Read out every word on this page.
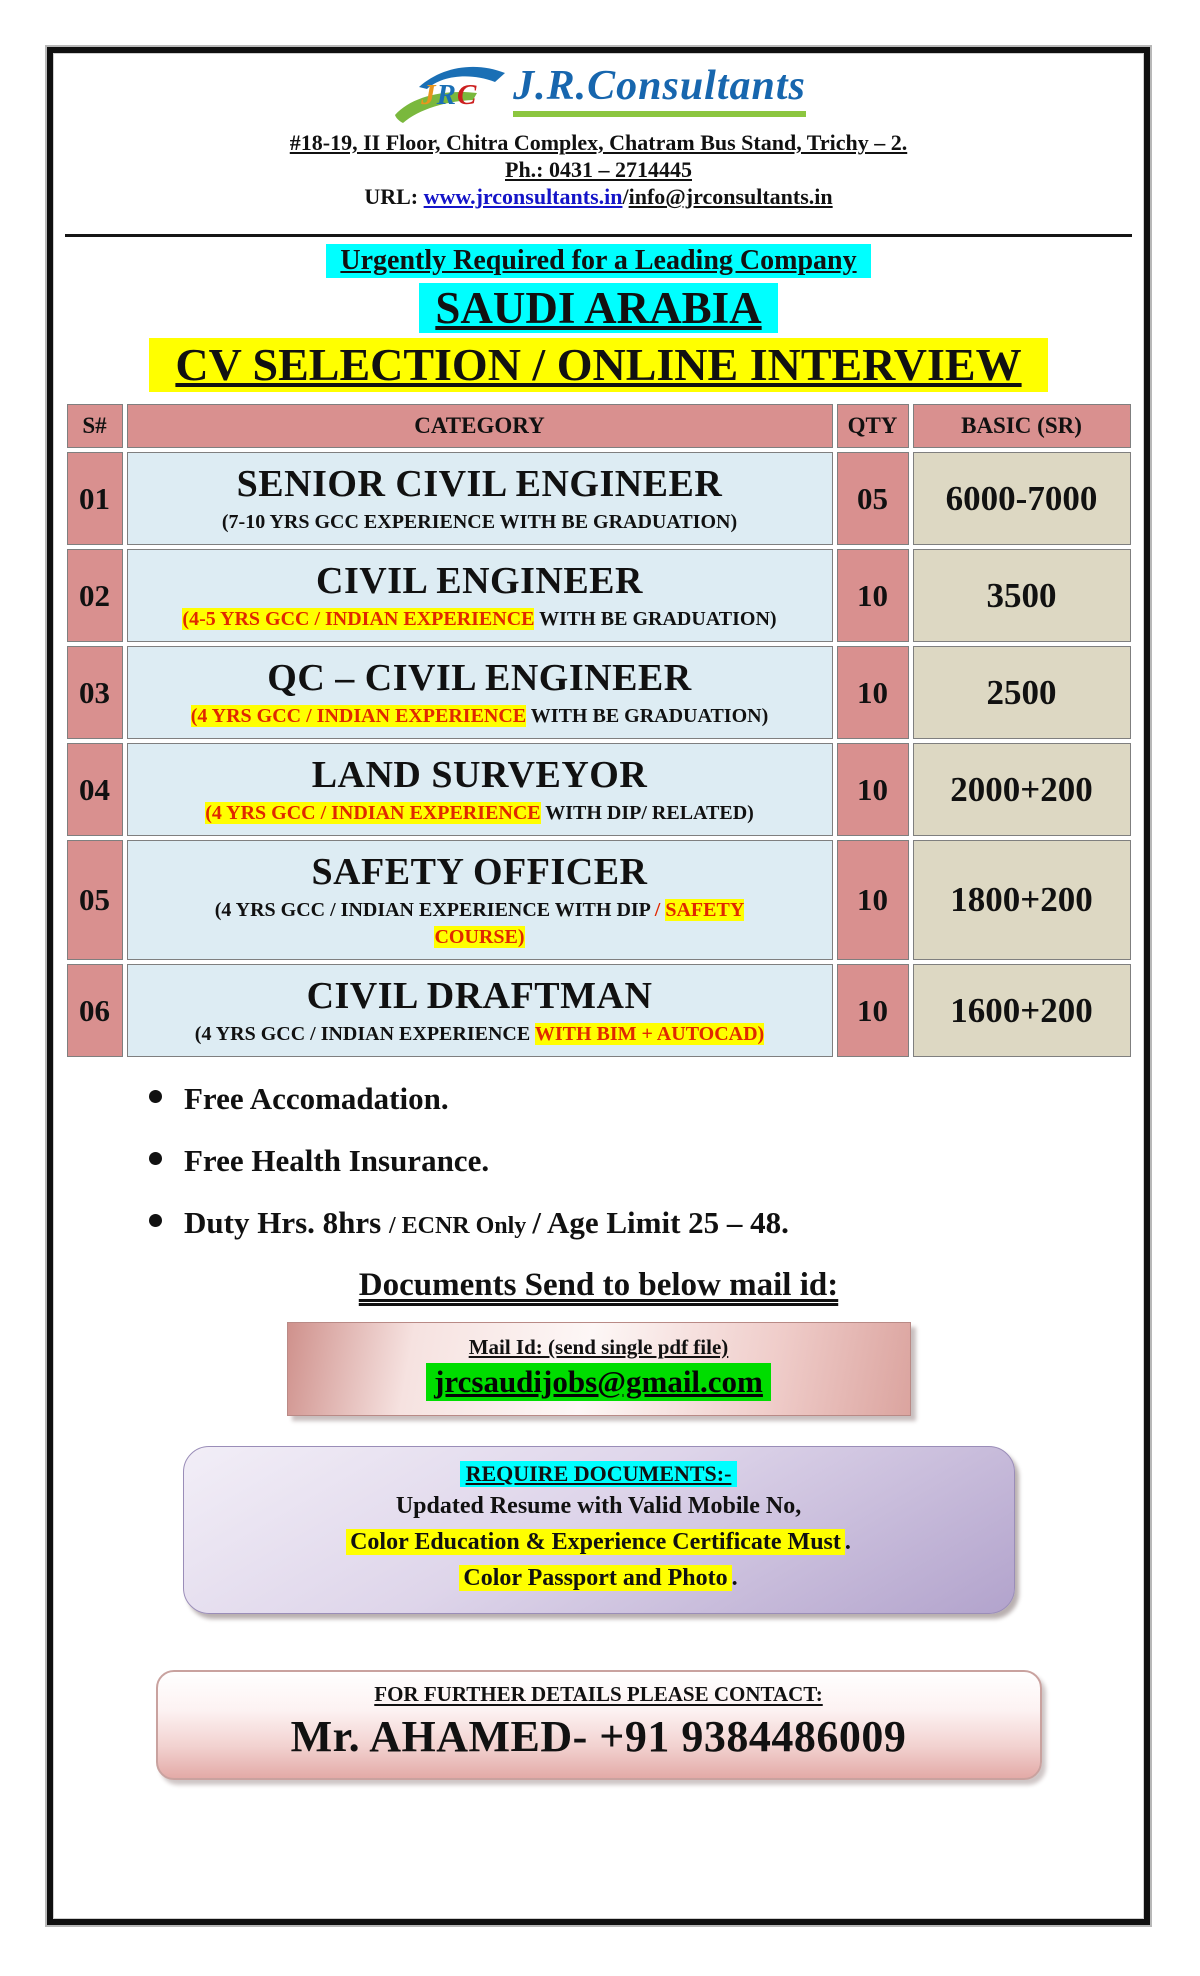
JRC J.R.Consultants
#18-19, II Floor, Chitra Complex, Chatram Bus Stand, Trichy – 2.
Ph.: 0431 – 2714445
URL: www.jrconsultants.in/info@jrconsultants.in
Urgently Required for a Leading Company
SAUDI ARABIA
CV SELECTION / ONLINE INTERVIEW
S#	CATEGORY	QTY	BASIC (SR)
01	SENIOR CIVIL ENGINEER
(7-10 YRS GCC EXPERIENCE WITH BE GRADUATION)	05	6000-7000
02	CIVIL ENGINEER
(4-5 YRS GCC / INDIAN EXPERIENCE WITH BE GRADUATION)	10	3500
03	QC – CIVIL ENGINEER
(4 YRS GCC / INDIAN EXPERIENCE WITH BE GRADUATION)	10	2500
04	LAND SURVEYOR
(4 YRS GCC / INDIAN EXPERIENCE WITH DIP/ RELATED)	10	2000+200
05	SAFETY OFFICER
(4 YRS GCC / INDIAN EXPERIENCE WITH DIP / SAFETY
COURSE)	10	1800+200
06	CIVIL DRAFTMAN
(4 YRS GCC / INDIAN EXPERIENCE WITH BIM + AUTOCAD)	10	1600+200
Free Accomadation.
Free Health Insurance.
Duty Hrs. 8hrs / ECNR Only / Age Limit 25 – 48.
Documents Send to below mail id:
Mail Id: (send single pdf file)
jrcsaudijobs@gmail.com
REQUIRE DOCUMENTS:-
Updated Resume with Valid Mobile No,
Color Education & Experience Certificate Must .
Color Passport and Photo .
FOR FURTHER DETAILS PLEASE CONTACT:
Mr. AHAMED- +91 9384486009
